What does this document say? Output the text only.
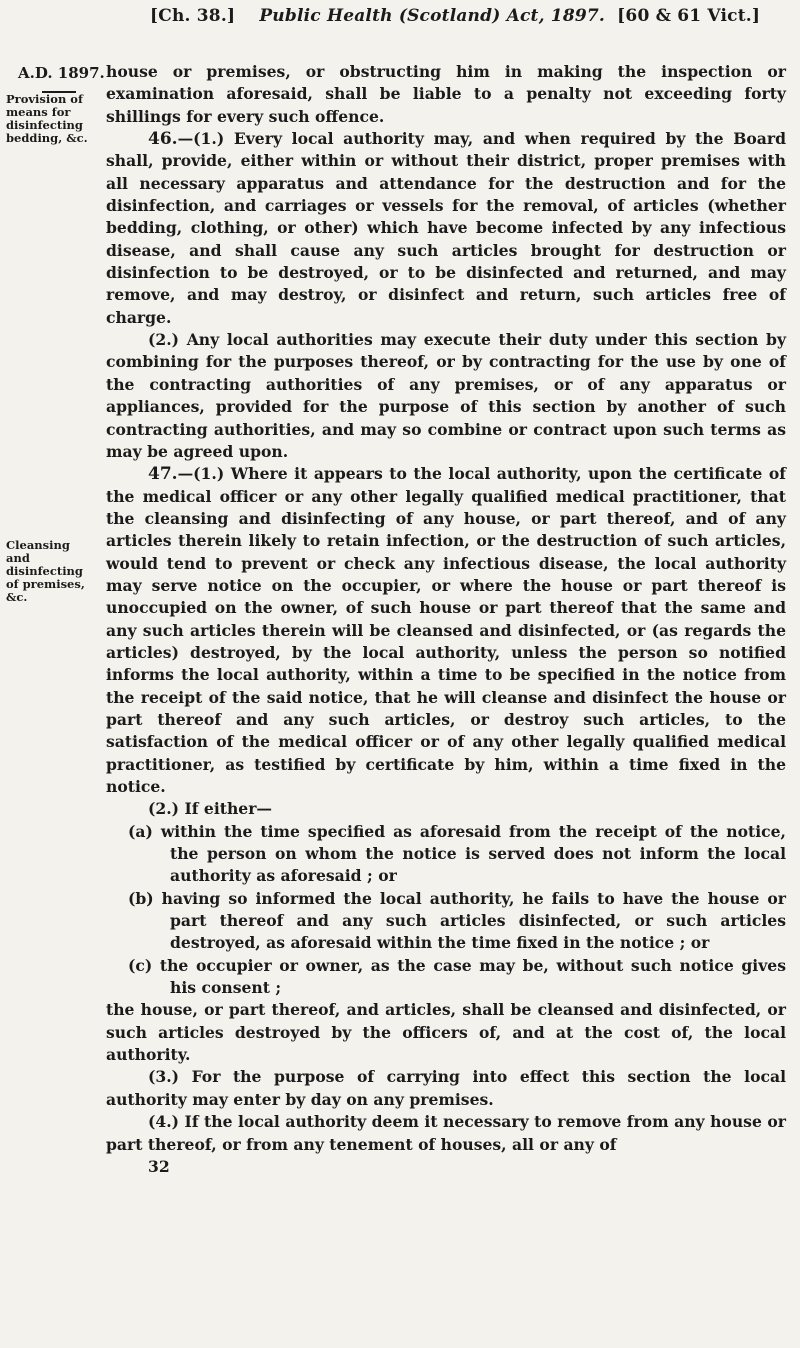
[Ch. 38.] Public Health (Scotland) Act, 1897. [60 & 61 Vict.]
A.D. 1897.
Provision of means for disinfecting bedding, &c.
Cleansing and disinfecting of premises, &c.

house or premises, or obstructing him in making the inspection or examination aforesaid, shall be liable to a penalty not exceeding forty shillings for every such offence.

46.—(1.) Every local authority may, and when required by the Board shall, provide, either within or without their district, proper premises with all necessary apparatus and attendance for the destruction and for the disinfection, and carriages or vessels for the removal, of articles (whether bedding, clothing, or other) which have become infected by any infectious disease, and shall cause any such articles brought for destruction or disinfection to be destroyed, or to be disinfected and returned, and may remove, and may destroy, or disinfect and return, such articles free of charge.

(2.) Any local authorities may execute their duty under this section by combining for the purposes thereof, or by contracting for the use by one of the contracting authorities of any premises, or of any apparatus or appliances, provided for the purpose of this section by another of such contracting authorities, and may so combine or contract upon such terms as may be agreed upon.

47.—(1.) Where it appears to the local authority, upon the certificate of the medical officer or any other legally qualified medical practitioner, that the cleansing and disinfecting of any house, or part thereof, and of any articles therein likely to retain infection, or the destruction of such articles, would tend to prevent or check any infectious disease, the local authority may serve notice on the occupier, or where the house or part thereof is unoccupied on the owner, of such house or part thereof that the same and any such articles therein will be cleansed and disinfected, or (as regards the articles) destroyed, by the local authority, unless the person so notified informs the local authority, within a time to be specified in the notice from the receipt of the said notice, that he will cleanse and disinfect the house or part thereof and any such articles, or destroy such articles, to the satisfaction of the medical officer or of any other legally qualified medical practitioner, as testified by certificate by him, within a time fixed in the notice.

(2.) If either—

(a) within the time specified as aforesaid from the receipt of the notice, the person on whom the notice is served does not inform the local authority as aforesaid ; or

(b) having so informed the local authority, he fails to have the house or part thereof and any such articles disinfected, or such articles destroyed, as aforesaid within the time fixed in the notice ; or

(c) the occupier or owner, as the case may be, without such notice gives his consent ;

the house, or part thereof, and articles, shall be cleansed and disinfected, or such articles destroyed by the officers of, and at the cost of, the local authority.

(3.) For the purpose of carrying into effect this section the local authority may enter by day on any premises.

(4.) If the local authority deem it necessary to remove from any house or part thereof, or from any tenement of houses, all or any of

32
